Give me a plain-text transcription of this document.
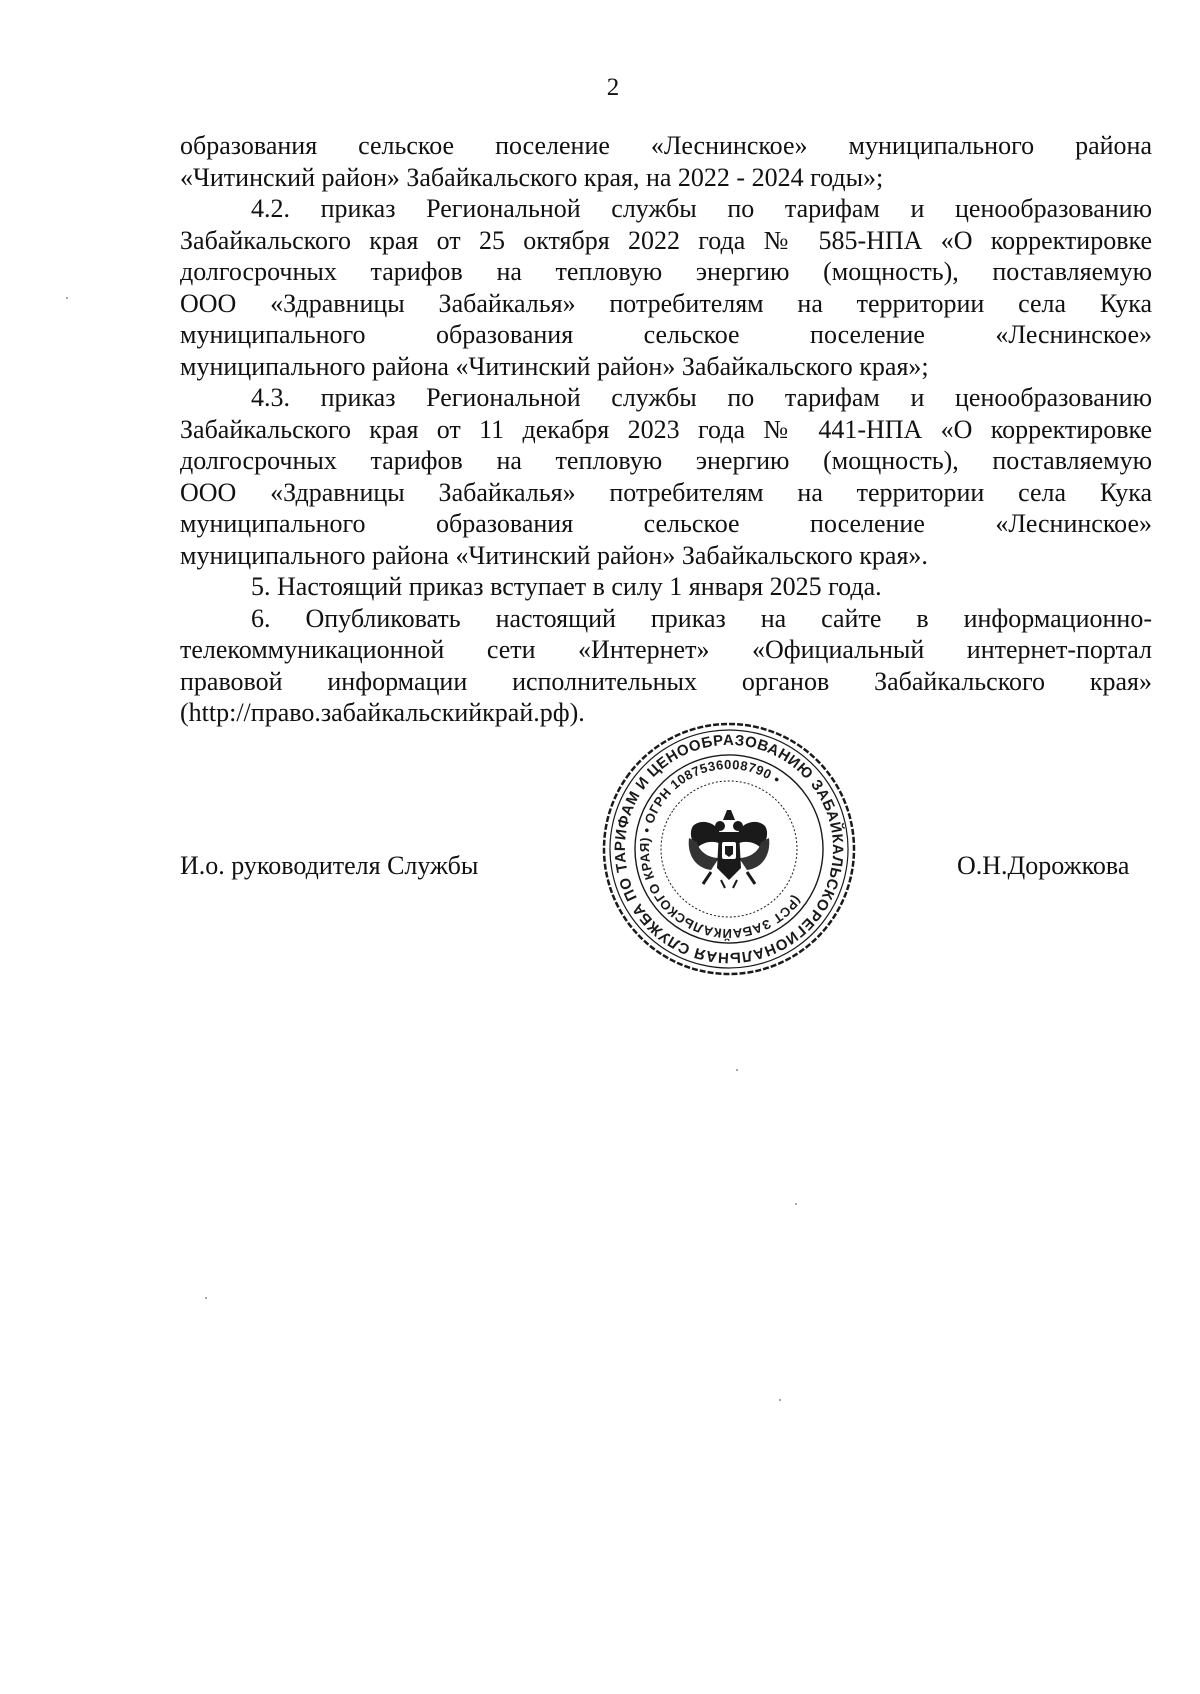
2

образования сельское поселение «Леснинское» муниципального района

«Читинский район» Забайкальского края, на 2022 - 2024 годы»;

4.2. приказ Региональной службы по тарифам и ценообразованию

Забайкальского края от 25 октября 2022 года № 585-НПА «О корректировке

долгосрочных тарифов на тепловую энергию (мощность), поставляемую

ООО «Здравницы Забайкалья» потребителям на территории села Кука

муниципального образования сельское поселение «Леснинское»

муниципального района «Читинский район» Забайкальского края»;

4.3. приказ Региональной службы по тарифам и ценообразованию

Забайкальского края от 11 декабря 2023 года № 441-НПА «О корректировке

долгосрочных тарифов на тепловую энергию (мощность), поставляемую

ООО «Здравницы Забайкалья» потребителям на территории села Кука

муниципального образования сельское поселение «Леснинское»

муниципального района «Читинский район» Забайкальского края».

5. Настоящий приказ вступает в силу 1 января 2025 года.

6. Опубликовать настоящий приказ на сайте в информационно-

телекоммуникационной сети «Интернет» «Официальный интернет-портал

правовой информации исполнительных органов Забайкальского края»

(http://право.забайкальскийкрай.рф).

И.о. руководителя Службы	О.Н.Дорожкова
РЕГИОНАЛЬНАЯ СЛУЖБА ПО ТАРИФАМ И ЦЕНООБРАЗОВАНИЮ ЗАБАЙКАЛЬСКОГО
(РСТ ЗАБАЙКАЛЬСКОГО КРАЯ) • ОГРН 1087536008790 •
